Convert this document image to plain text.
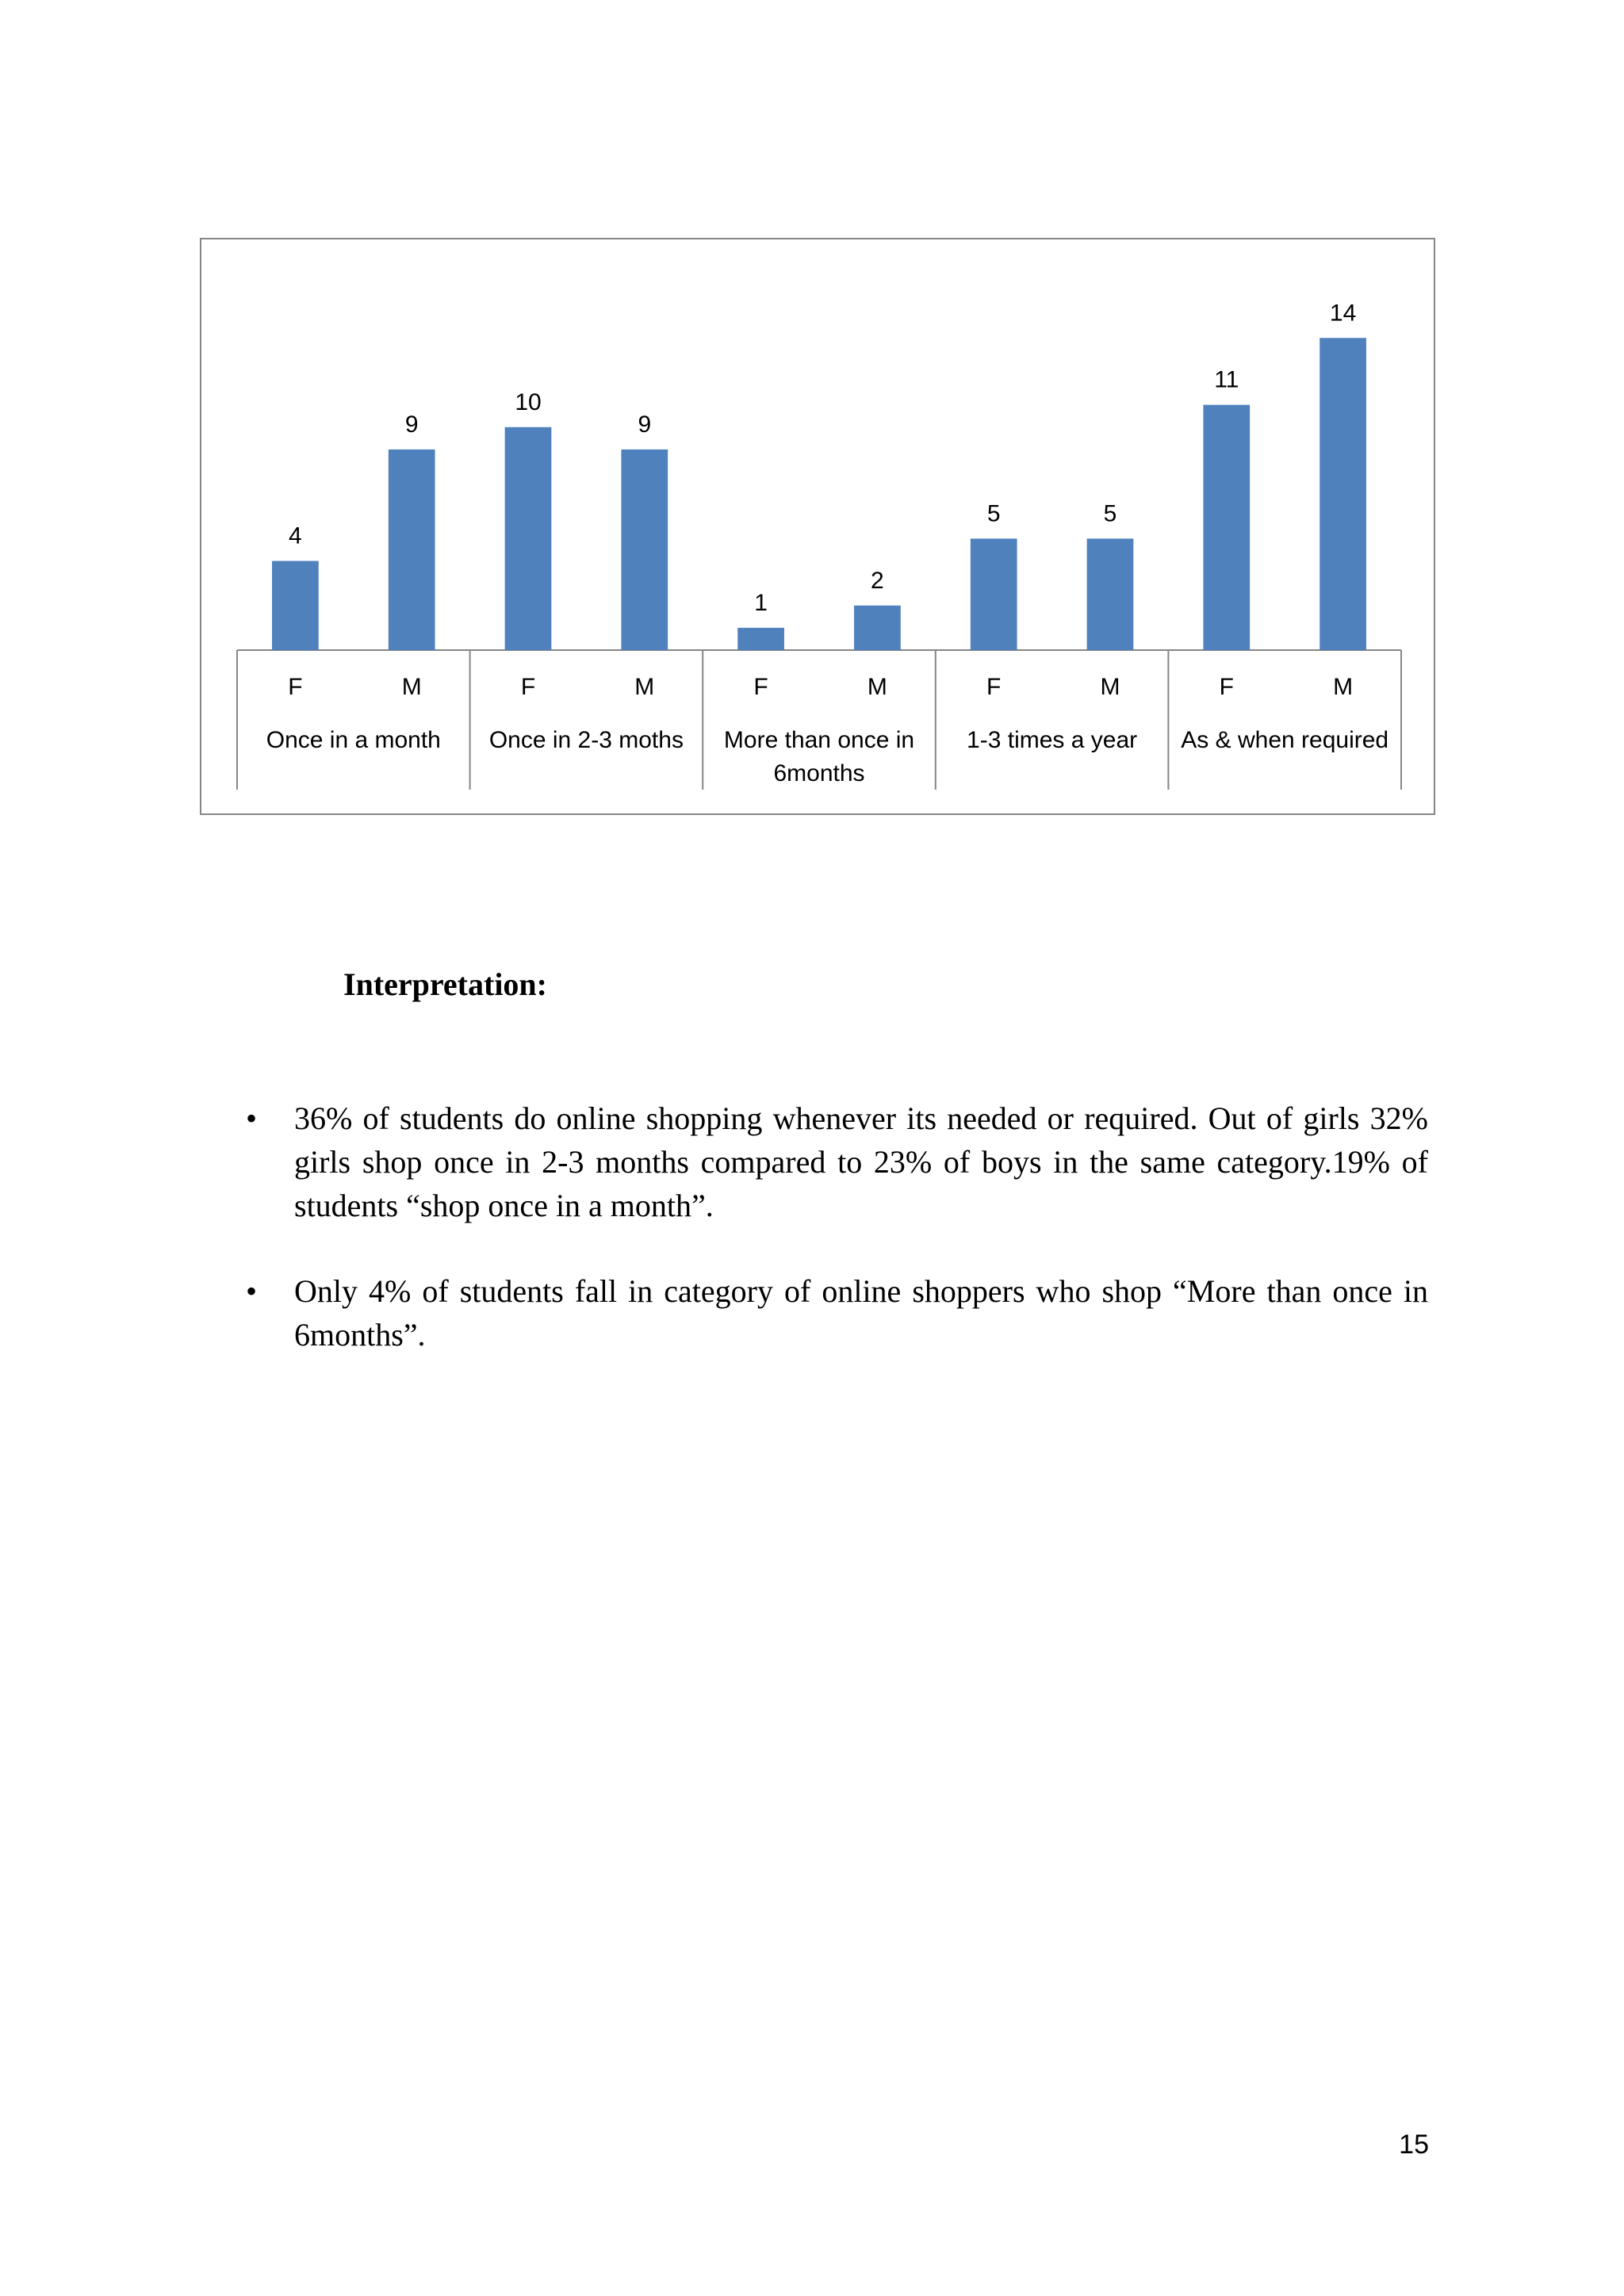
4
F
9
M
Once in a month
10
F
9
M
Once in 2-3 moths
1
F
2
M
More than once in
6months
5
F
5
M
1-3 times a year
11
F
14
M
As & when required
Interpretation:
• 36% of students do online shopping whenever its needed or required. Out of girls 32% girls shop once in 2-3 months compared to 23% of boys in the same category.19% of students “shop once in a month”.
• Only 4% of students fall in category of online shoppers who shop “More than once in 6months”.
15
